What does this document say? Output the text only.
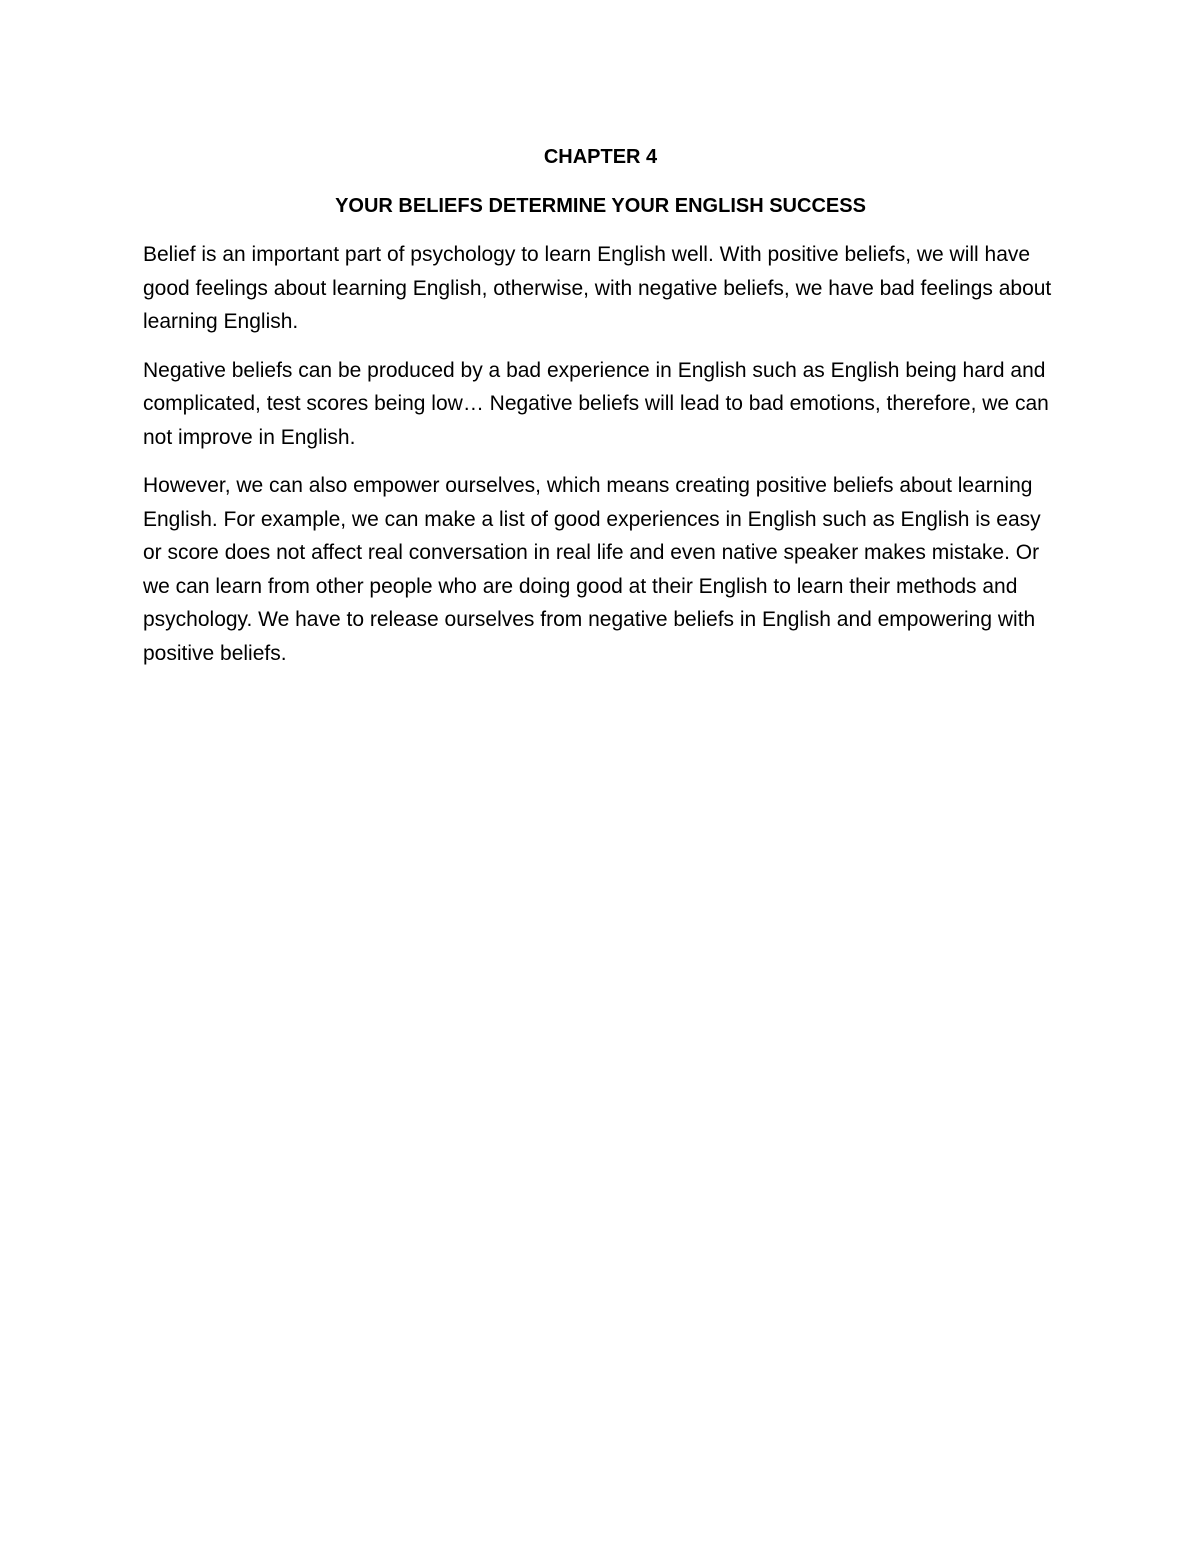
CHAPTER 4

YOUR BELIEFS DETERMINE YOUR ENGLISH SUCCESS

Belief is an important part of psychology to learn English well. With positive beliefs, we will have good feelings about learning English, otherwise, with negative beliefs, we have bad feelings about learning English.

Negative beliefs can be produced by a bad experience in English such as English being hard and complicated, test scores being low… Negative beliefs will lead to bad emotions, therefore, we can not improve in English.

However, we can also empower ourselves, which means creating positive beliefs about learning English. For example, we can make a list of good experiences in English such as English is easy or score does not affect real conversation in real life and even native speaker makes mistake. Or we can learn from other people who are doing good at their English to learn their methods and psychology. We have to release ourselves from negative beliefs in English and empowering with positive beliefs.
